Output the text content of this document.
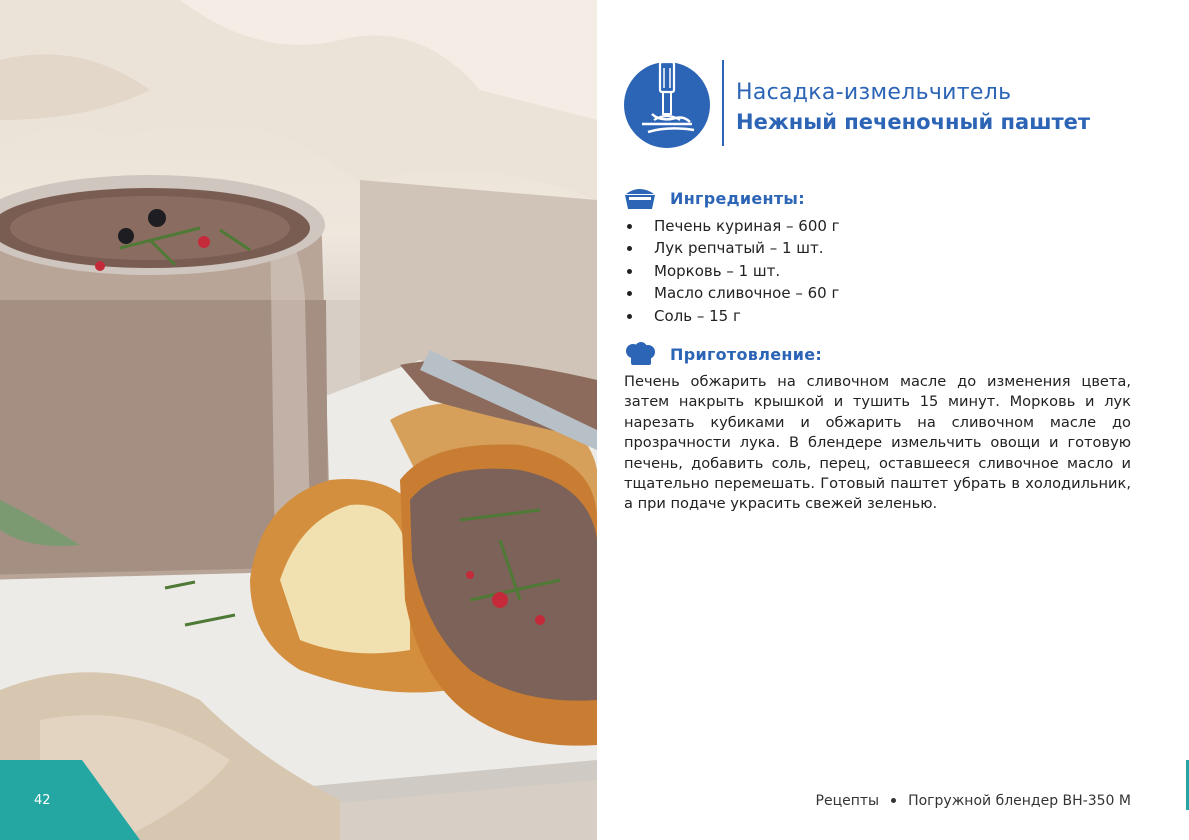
42
Насадка-измельчитель
Нежный печеночный паштет
Ингредиенты:
Печень куриная – 600 г
Лук репчатый – 1 шт.
Морковь – 1 шт.
Масло сливочное – 60 г
Соль – 15 г
Приготовление:

Печень обжарить на сливочном масле до изменения цвета, затем накрыть крышкой и тушить 15 минут. Морковь и лук нарезать кубиками и обжарить на сливочном масле до прозрачности лука. В блендере измельчить овощи и готовую печень, добавить соль, перец, оставшееся сливочное масло и тщательно перемешать. Готовый паштет убрать в холодильник, а при подаче украсить свежей зеленью.

Рецепты Погружной блендер BH-350 M
